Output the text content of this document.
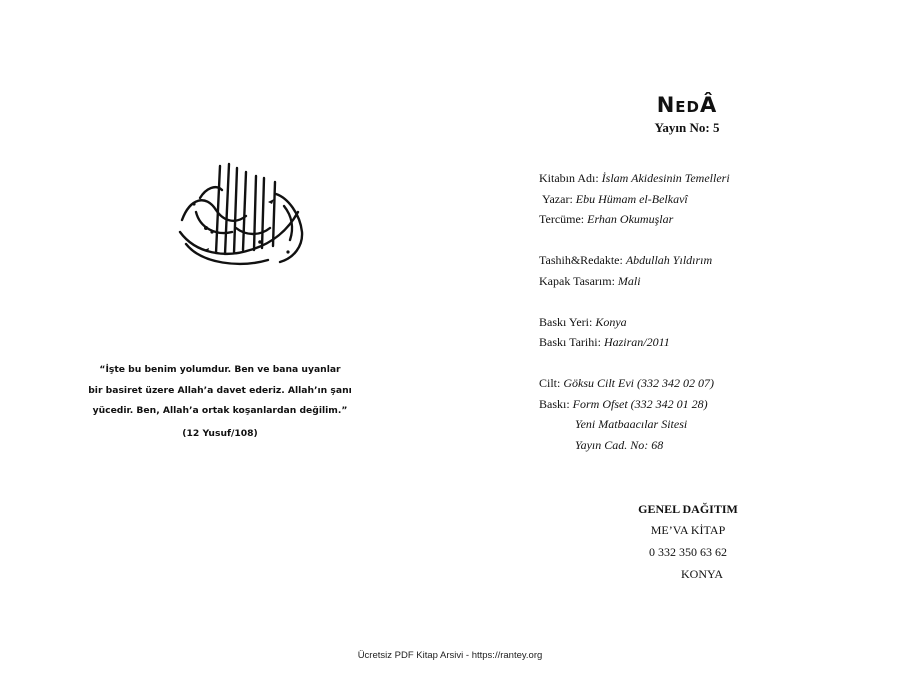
“İşte bu benim yolumdur. Ben ve bana uyanlar
bir basiret üzere Allah’a davet ederiz. Allah’ın şanı
yücedir. Ben, Allah’a ortak koşanlardan değilim.”
(12 Yusuf/108)
NedÂ
Yayın No: 5
Kitabın Adı: İslam Akidesinin Temelleri
Yazar: Ebu Hümam el-Belkavî
Tercüme: Erhan Okumuşlar
Tashih&Redakte: Abdullah Yıldırım
Kapak Tasarım: Mali
Baskı Yeri: Konya
Baskı Tarihi: Haziran/2011
Cilt: Göksu Cilt Evi (332 342 02 07)
Baskı: Form Ofset (332 342 01 28)
Yeni Matbaacılar Sitesi
Yayın Cad. No: 68
GENEL DAĞITIM
ME’VA KİTAP
0 332 350 63 62
KONYA
Ücretsiz PDF Kitap Arsivi - https://rantey.org
